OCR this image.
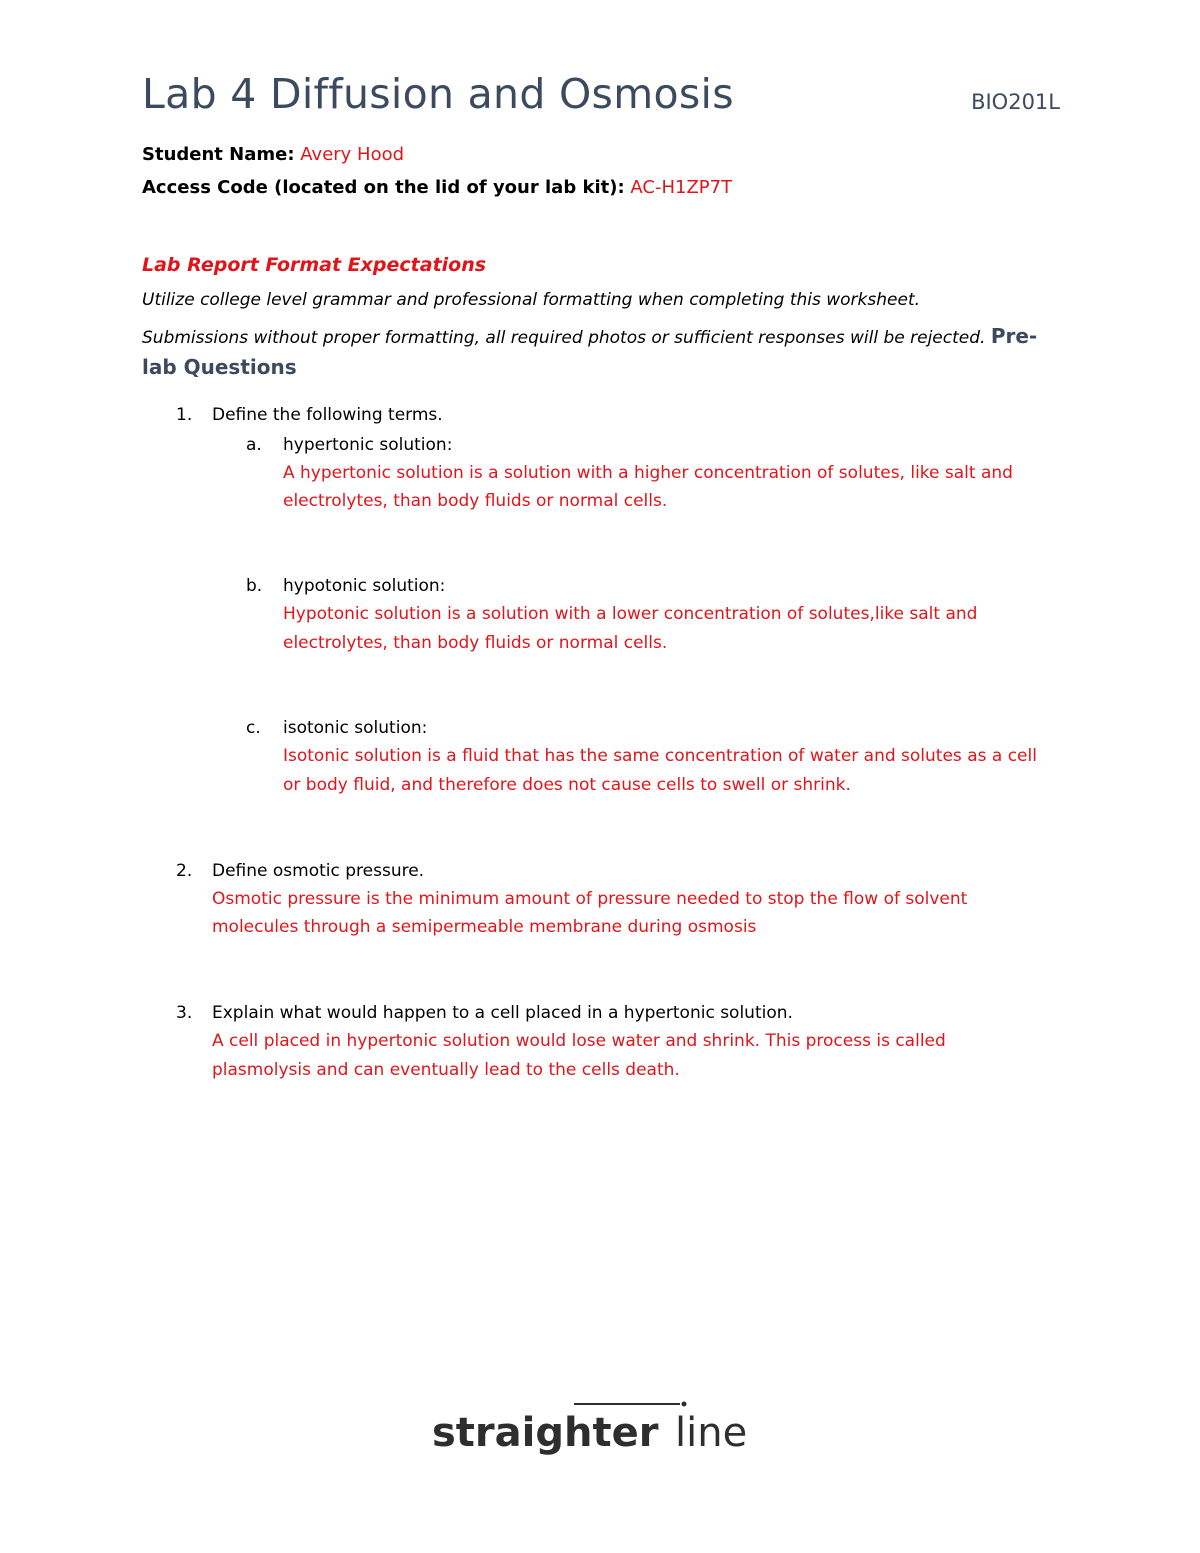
Lab 4 Diffusion and Osmosis	BIO201L
Student Name: Avery Hood
Access Code (located on the lid of your lab kit): AC-H1ZP7T
Lab Report Format Expectations
Utilize college level grammar and professional formatting when completing this worksheet.
Submissions without proper formatting, all required photos or sufficient responses will be rejected. Pre-
lab Questions
1. Define the following terms.
a. hypertonic solution:
A hypertonic solution is a solution with a higher concentration of solutes, like salt and
electrolytes, than body fluids or normal cells.
b. hypotonic solution:
Hypotonic solution is a solution with a lower concentration of solutes,like salt and
electrolytes, than body fluids or normal cells.
c. isotonic solution:
Isotonic solution is a fluid that has the same concentration of water and solutes as a cell
or body fluid, and therefore does not cause cells to swell or shrink.
2. Define osmotic pressure.
Osmotic pressure is the minimum amount of pressure needed to stop the flow of solvent
molecules through a semipermeable membrane during osmosis
3. Explain what would happen to a cell placed in a hypertonic solution.
A cell placed in hypertonic solution would lose water and shrink. This process is called
plasmolysis and can eventually lead to the cells death.
straighter line
